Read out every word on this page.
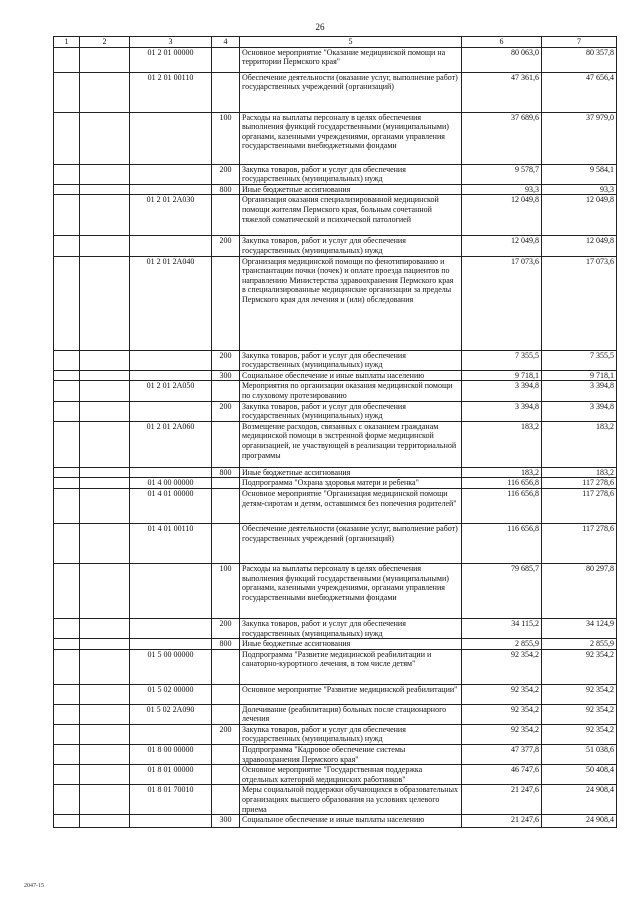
26
1	2	3	4	5	6	7
		01 2 01 00000		Основное мероприятие "Оказание медицинской помощи на территории Пермского края"	80 063,0	80 357,8
		01 2 01 00110		Обеспечение деятельности (оказание услуг, выполнение работ) государственных учреждений (организаций)	47 361,6	47 656,4
			100	Расходы на выплаты персоналу в целях обеспечения выполнения функций государственными (муниципальными) органами, казенными учреждениями, органами управления государственными внебюджетными фондами	37 689,6	37 979,0
			200	Закупка товаров, работ и услуг для обеспечения государственных (муниципальных) нужд	9 578,7	9 584,1
			800	Иные бюджетные ассигнования	93,3	93,3
		01 2 01 2А030		Организация оказания специализированной медицинской помощи жителям Пермского края, больным сочетанной тяжелой соматической и психической патологией	12 049,8	12 049,8
			200	Закупка товаров, работ и услуг для обеспечения государственных (муниципальных) нужд	12 049,8	12 049,8
		01 2 01 2А040		Организация медицинской помощи по фенотипированию и транспантации почки (почек) и оплате проезда пациентов по направлению Министерства здравоохранения Пермского края в специализированные медицинские организации за пределы Пермского края для лечения и (или) обследования	17 073,6	17 073,6
			200	Закупка товаров, работ и услуг для обеспечения государственных (муниципальных) нужд	7 355,5	7 355,5
			300	Социальное обеспечение и иные выплаты населению	9 718,1	9 718,1
		01 2 01 2А050		Мероприятия по организации оказания медицинской помощи по слуховому протезированию	3 394,8	3 394,8
			200	Закупка товаров, работ и услуг для обеспечения государственных (муниципальных) нужд	3 394,8	3 394,8
		01 2 01 2А060		Возмещение расходов, связанных с оказанием гражданам медицинской помощи в экстренной форме медицинской организацией, не участвующей в реализации территориальной программы	183,2	183,2
			800	Иные бюджетные ассигнования	183,2	183,2
		01 4 00 00000		Подпрограмма "Охрана здоровья матери и ребенка"	116 656,8	117 278,6
		01 4 01 00000		Основное мероприятие "Организация медицинской помощи детям-сиротам и детям, оставшимся без попечения родителей"	116 656,8	117 278,6
		01 4 01 00110		Обеспечение деятельности (оказание услуг, выполнение работ) государственных учреждений (организаций)	116 656,8	117 278,6
			100	Расходы на выплаты персоналу в целях обеспечения выполнения функций государственными (муниципальными) органами, казенными учреждениями, органами управления государственными внебюджетными фондами	79 685,7	80 297,8
			200	Закупка товаров, работ и услуг для обеспечения государственных (муниципальных) нужд	34 115,2	34 124,9
			800	Иные бюджетные ассигнования	2 855,9	2 855,9
		01 5 00 00000		Подпрограмма "Развитие медицинской реабилитации и санаторно-курортного лечения, в том числе детям"	92 354,2	92 354,2
		01 5 02 00000		Основное мероприятие "Развитие медицинской реабилитации"	92 354,2	92 354,2
		01 5 02 2А090		Долечивание (реабилитация) больных после стационарного лечения	92 354,2	92 354,2
			200	Закупка товаров, работ и услуг для обеспечения государственных (муниципальных) нужд	92 354,2	92 354,2
		01 8 00 00000		Подпрограмма "Кадровое обеспечение системы здравоохранения Пермского края"	47 377,8	51 038,6
		01 8 01 00000		Основное мероприятие "Государственная поддержка отдельных категорий медицинских работников"	46 747,6	50 408,4
		01 8 01 70010		Меры социальной поддержки обучающихся в образовательных организациях высшего образования на условиях целевого приема	21 247,6	24 908,4
			300	Социальное обеспечение и иные выплаты населению	21 247,6	24 908,4
2047-15
